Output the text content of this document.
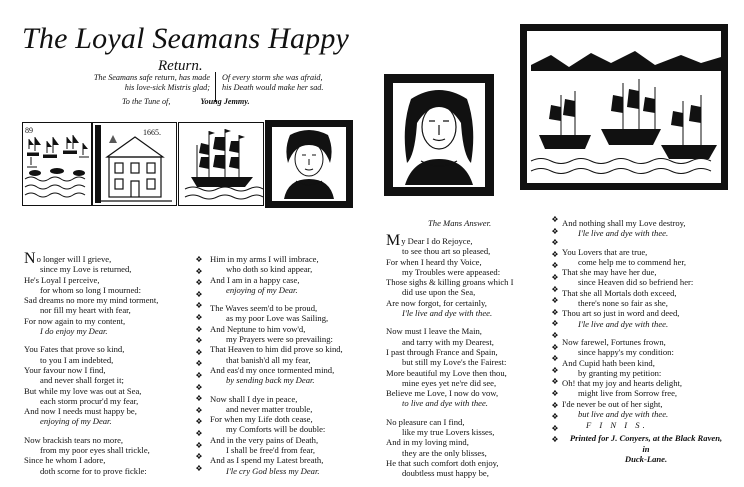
The Loyal Seamans Happy
Return.
The Seamans safe return, has made
his love-sick Mistris glad;
Of every storm she was afraid,
his Death would make her sad.
To the Tune of,	Young Jemmy.
89	1665.
The Mans Answer.
No longer will I grieve,
since my Love is returned,
He's Loyal I perceive,
for whom so long I mourned:
Sad dreams no more my mind torment,
nor fill my heart with fear,
For now again to my content,
I do enjoy my Dear.
You Fates that prove so kind,
to you I am indebted,
Your favour now I find,
and never shall forget it;
But while my love was out at Sea,
each storm procur'd my fear,
And now I needs must happy be,
enjoying of my Dear.
Now brackish tears no more,
from my poor eyes shall trickle,
Since he whom I adore,
doth scorne for to prove fickle:
❖
❖
❖
❖
❖
❖
❖
❖
❖
❖
❖
❖
❖
❖
❖
❖
❖
❖
❖
Him in my arms I will imbrace,
who doth so kind appear,
And I am in a happy case,
enjoying of my Dear.
The Waves seem'd to be proud,
as my poor Love was Sailing,
And Neptune to him vow'd,
my Prayers were so prevailing:
That Heaven to him did prove so kind,
that banish'd all my fear,
And eas'd my once tormented mind,
by sending back my Dear.
Now shall I dye in peace,
and never matter trouble,
For when my Life doth cease,
my Comforts will be double:
And in the very pains of Death,
I shall be free'd from fear,
And as I spend my Latest breath,
I'le cry God bless my Dear.
My Dear I do Rejoyce,
to see thou art so pleased,
For when I heard thy Voice,
my Troubles were appeased:
Those sighs & killing groans which I
did use upon the Sea,
Are now forgot, for certainly,
I'le live and dye with thee.
Now must I leave the Main,
and tarry with my Dearest,
I past through France and Spain,
but still my Love's the Fairest:
More beautiful my Love then thou,
mine eyes yet ne're did see,
Believe me Love, I now do vow,
to live and dye with thee.
No pleasure can I find,
like my true Lovers kisses,
And in my loving mind,
they are the only blisses,
He that such comfort doth enjoy,
doubtless must happy be,
❖
❖
❖
❖
❖
❖
❖
❖
❖
❖
❖
❖
❖
❖
❖
❖
❖
❖
❖
❖
And nothing shall my Love destroy,
I'le live and dye with thee.
You Lovers that are true,
come help me to commend her,
That she may have her due,
since Heaven did so befriend her:
That she all Mortals doth exceed,
there's none so fair as she,
Thou art so just in word and deed,
I'le live and dye with thee.
Now farewel, Fortunes frown,
since happy's my condition:
And Cupid hath been kind,
by granting my petition:
Oh! that my joy and hearts delight,
might live from Sorrow free,
I'de never be out of her sight,
but live and dye with thee.
F I N I S.
Printed for J. Conyers, at the Black Raven, in
Duck-Lane.
